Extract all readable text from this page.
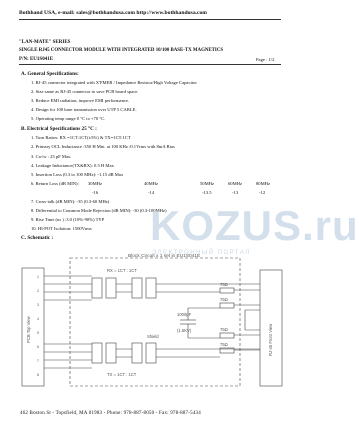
Bothhand USA, e-mail: sales@bothhandusa.com http://www.bothhandusa.com
"LAN-MATE" SERIES
SINGLE RJ45 CONNECTOR MODULE WITH INTEGRATED 10/100 BASE-TX MAGNETICS
P/N: EU1S041E	Page : 1/2
A. General Specifications:
1. RJ-45 connector integrated with X'FMER / Impedance Resistor/High Voltage Capacitor
2. Size same as RJ-45 connector to save PCB board space.
3. Reduce EMI radiation, improve EMI performance.
4. Design for 100 base transmission over UTP 5 CABLE.
5. Operating temp range 0 °C to +70 °C.
B. Electrical Specifications 25 °C :
1. Turn Ratios: RX =1CT:1CT(±5%) & TX=1CT:1CT
2. Primary OCL Inductance :350 H Min. at 100 KHz /0.1Vrms with 8mA Bias
3. Cw/w : 25 pF Max.
4. Leakage Inductance(TX&RX): 0.5 H Max.
5. Insertion Loss (0.3 to 100 MHz): -1.15 dB Max
6. Return Loss (dB MIN): 30MHz	40MHz	50MHz	60MHz	80MHz
-16	-14	-13.5	-13	-12
7. Cross-talk (dB MIN): -35 (0.3-60 MHz)
8. Differential to Common Mode Rejection (dB MIN): -30 (0.3-100MHz)
9. Rise Time (ns ) :3.0 (10%-90%) TYP
10. HI-POT Isolation: 1500Vrms KOZUS.ru
ЭЛЕКТРОННЫЙ ПОРТАЛ
C. Schematic :
Block Circuit x 1 set in EU1S041E
RX = 1CT : 1CT
TX = 1CT : 1CT
1000pF
(1.5KV)
Shield
75Ω
75Ω
75Ω
75Ω
PCB Top View	RJ-45 Front View
1
2
3
4
5
6
7
8
462 Boston St - Topsfield, MA 01983 - Phone: 978-887-8050 - Fax: 978-887-5434
